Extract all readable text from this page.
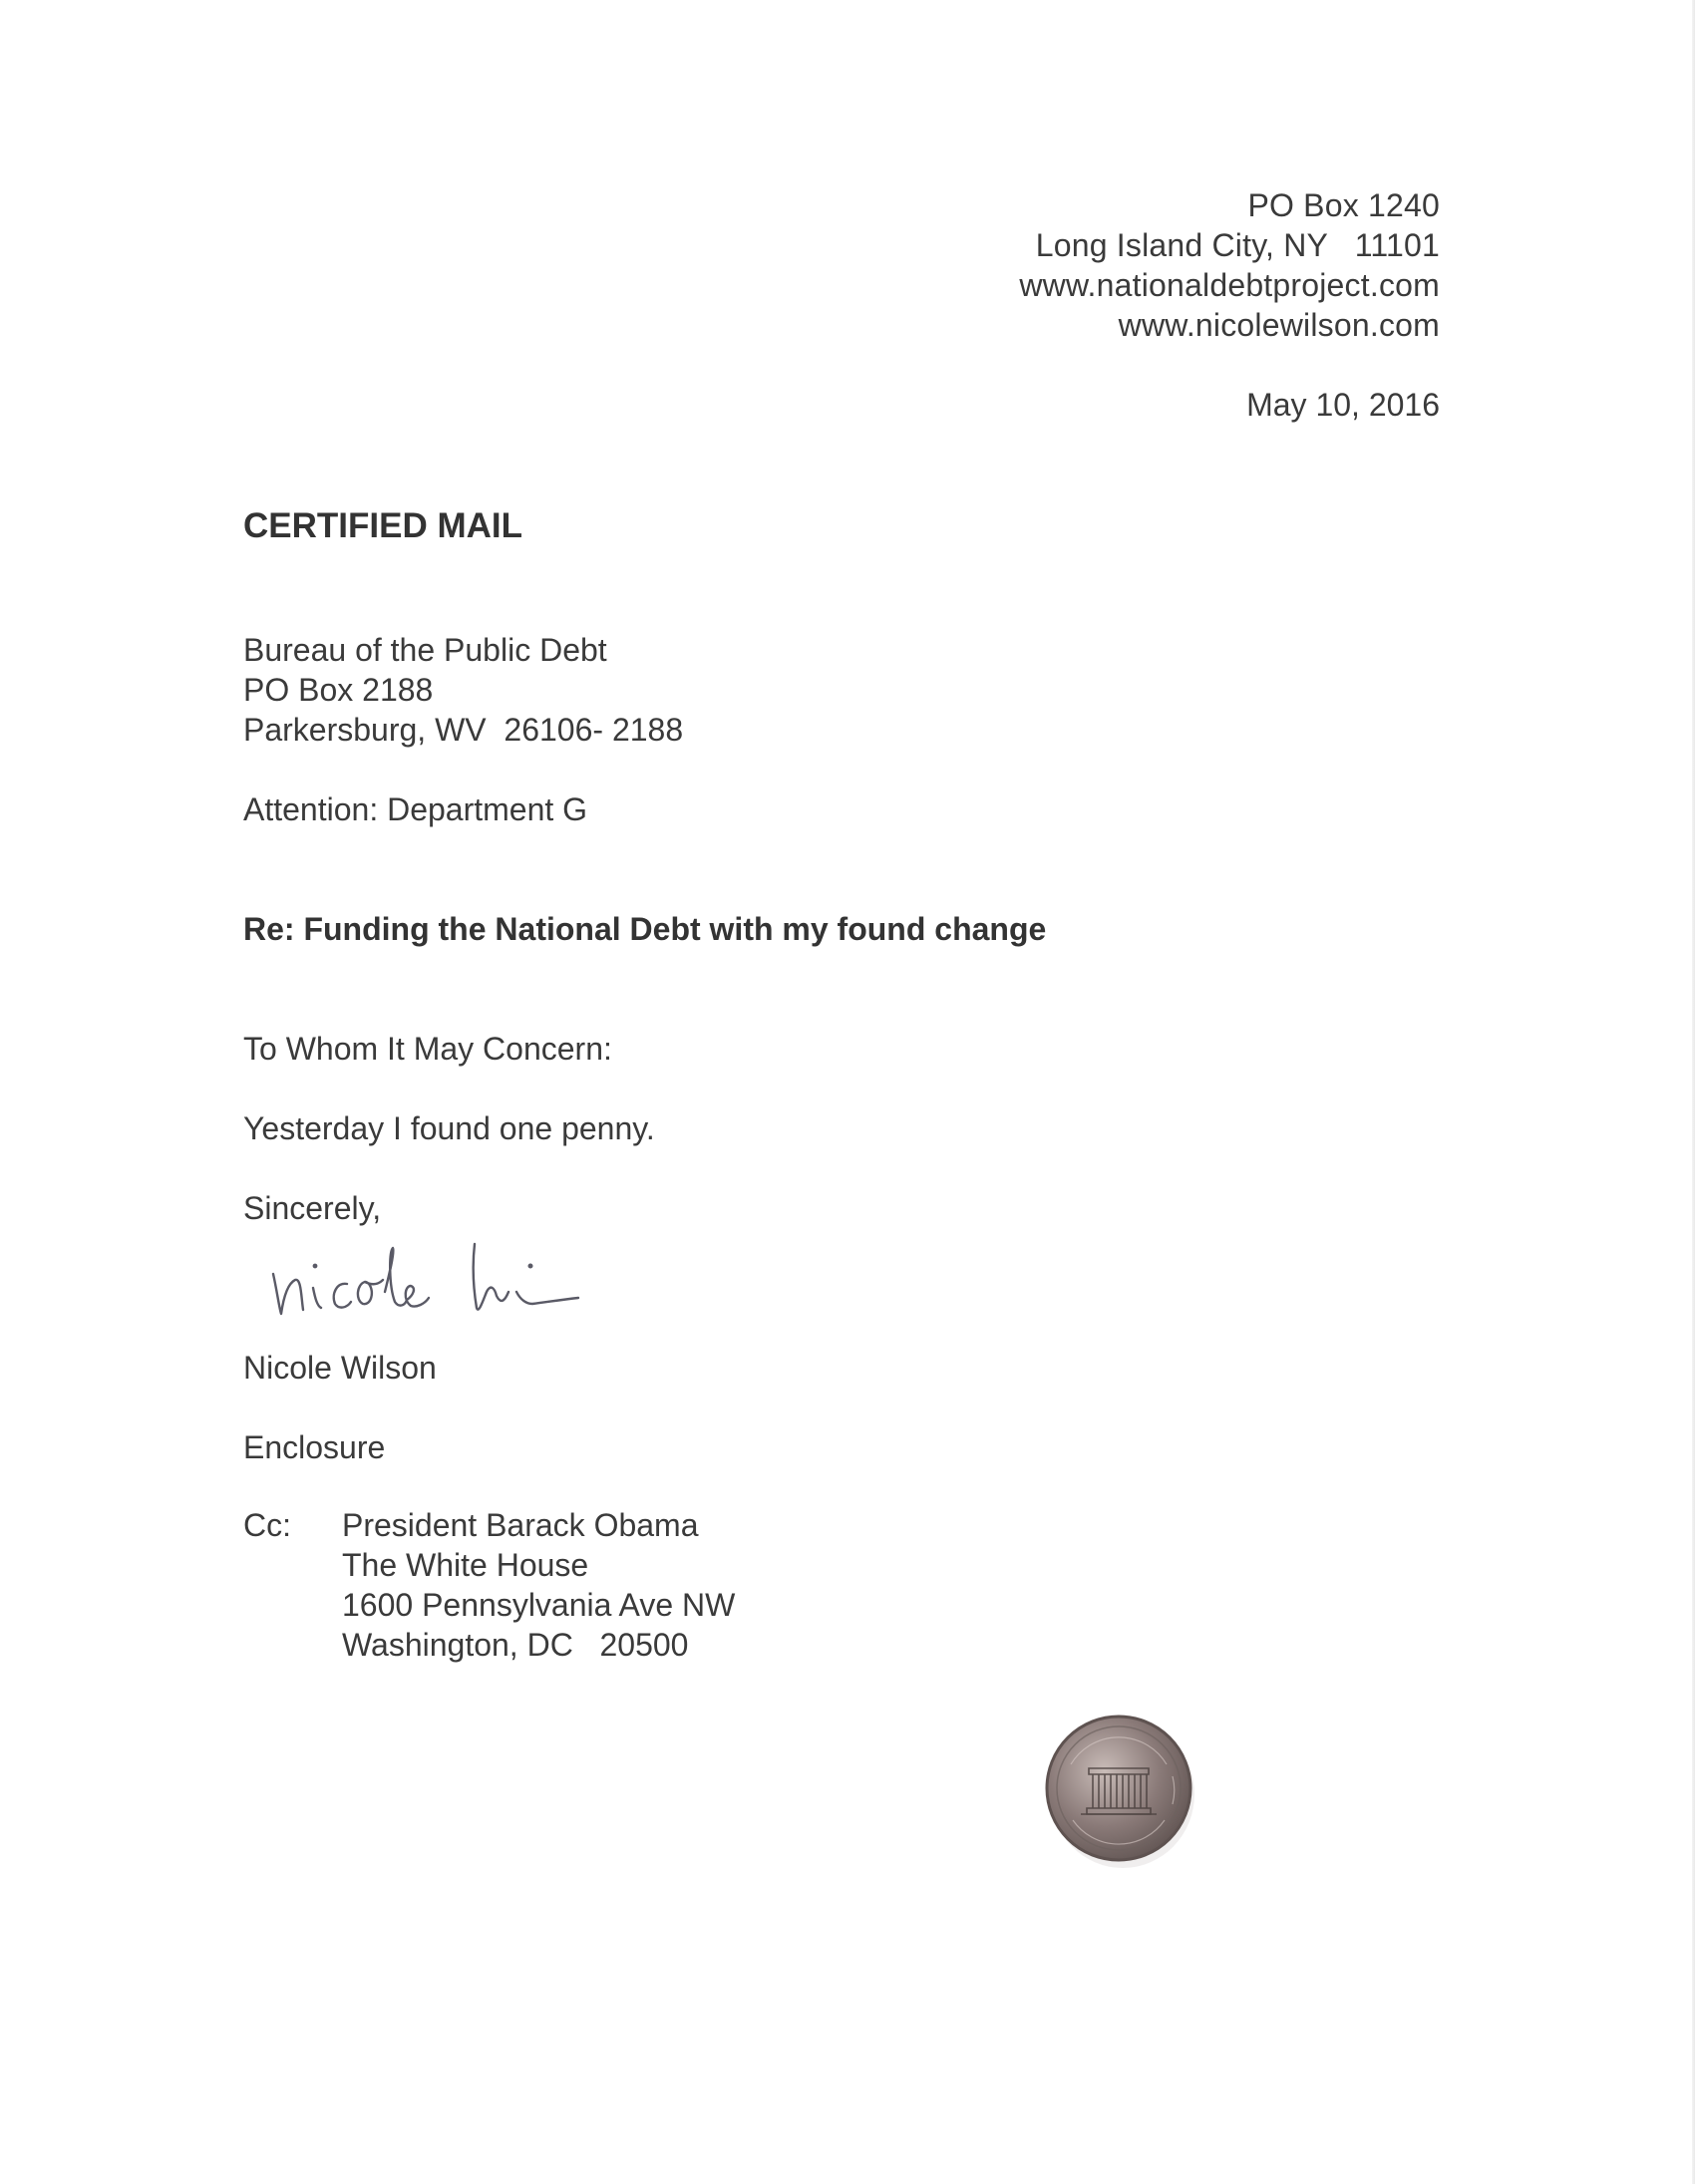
PO Box 1240
Long Island City, NY   11101
www.nationaldebtproject.com
www.nicolewilson.com
May 10, 2016
CERTIFIED MAIL
Bureau of the Public Debt
PO Box 2188
Parkersburg, WV  26106- 2188
Attention: Department G
Re: Funding the National Debt with my found change
To Whom It May Concern:
Yesterday I found one penny.
Sincerely,
Nicole Wilson
Enclosure
Cc: President Barack Obama
The White House
1600 Pennsylvania Ave NW
Washington, DC   20500
